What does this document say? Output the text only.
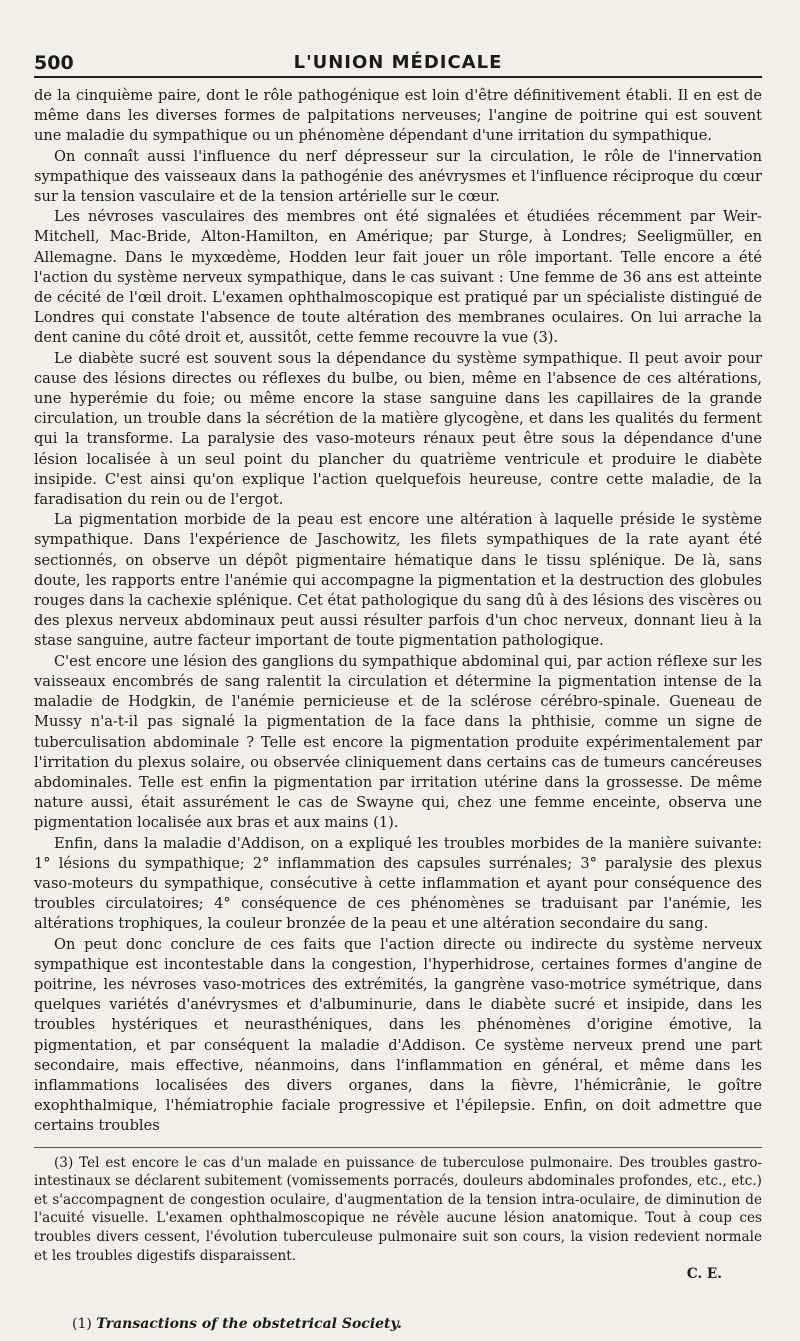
500	L'UNION MÉDICALE

de la cinquième paire, dont le rôle pathogénique est loin d'être définitivement établi. Il en est de même dans les diverses formes de palpitations nerveuses; l'angine de poitrine qui est souvent une maladie du sympathique ou un phénomène dépendant d'une irritation du sympathique.

On connaît aussi l'influence du nerf dépresseur sur la circulation, le rôle de l'innervation sympathique des vaisseaux dans la pathogénie des anévrysmes et l'influence réciproque du cœur sur la tension vasculaire et de la tension artérielle sur le cœur.

Les névroses vasculaires des membres ont été signalées et étudiées récemment par Weir-Mitchell, Mac-Bride, Alton-Hamilton, en Amérique; par Sturge, à Londres; Seeligmüller, en Allemagne. Dans le myxœdème, Hodden leur fait jouer un rôle important. Telle encore a été l'action du système nerveux sympathique, dans le cas suivant : Une femme de 36 ans est atteinte de cécité de l'œil droit. L'examen ophthalmoscopique est pratiqué par un spécialiste distingué de Londres qui constate l'absence de toute altération des membranes oculaires. On lui arrache la dent canine du côté droit et, aussitôt, cette femme recouvre la vue (3).

Le diabète sucré est souvent sous la dépendance du système sympathique. Il peut avoir pour cause des lésions directes ou réflexes du bulbe, ou bien, même en l'absence de ces altérations, une hyperémie du foie; ou même encore la stase sanguine dans les capillaires de la grande circulation, un trouble dans la sécrétion de la matière glycogène, et dans les qualités du ferment qui la transforme. La paralysie des vaso-moteurs rénaux peut être sous la dépendance d'une lésion localisée à un seul point du plancher du quatrième ventricule et produire le diabète insipide. C'est ainsi qu'on explique l'action quelquefois heureuse, contre cette maladie, de la faradisation du rein ou de l'ergot.

La pigmentation morbide de la peau est encore une altération à laquelle préside le système sympathique. Dans l'expérience de Jaschowitz, les filets sympathiques de la rate ayant été sectionnés, on observe un dépôt pigmentaire hématique dans le tissu splénique. De là, sans doute, les rapports entre l'anémie qui accompagne la pigmentation et la destruction des globules rouges dans la cachexie splénique. Cet état pathologique du sang dû à des lésions des viscères ou des plexus nerveux abdominaux peut aussi résulter parfois d'un choc nerveux, donnant lieu à la stase sanguine, autre facteur important de toute pigmentation pathologique.

C'est encore une lésion des ganglions du sympathique abdominal qui, par action réflexe sur les vaisseaux encombrés de sang ralentit la circulation et détermine la pigmentation intense de la maladie de Hodgkin, de l'anémie pernicieuse et de la sclérose cérébro-spinale. Gueneau de Mussy n'a-t-il pas signalé la pigmentation de la face dans la phthisie, comme un signe de tuberculisation abdominale ? Telle est encore la pigmentation produite expérimentalement par l'irritation du plexus solaire, ou observée cliniquement dans certains cas de tumeurs cancéreuses abdominales. Telle est enfin la pigmentation par irritation utérine dans la grossesse. De même nature aussi, était assurément le cas de Swayne qui, chez une femme enceinte, observa une pigmentation localisée aux bras et aux mains (1).

Enfin, dans la maladie d'Addison, on a expliqué les troubles morbides de la manière suivante: 1° lésions du sympathique; 2° inflammation des capsules surrénales; 3° paralysie des plexus vaso-moteurs du sympathique, consécutive à cette inflammation et ayant pour conséquence des troubles circulatoires; 4° conséquence de ces phénomènes se traduisant par l'anémie, les altérations trophiques, la couleur bronzée de la peau et une altération secondaire du sang.

On peut donc conclure de ces faits que l'action directe ou indirecte du système nerveux sympathique est incontestable dans la congestion, l'hyperhidrose, certaines formes d'angine de poitrine, les névroses vaso-motrices des extrémités, la gangrène vaso-motrice symétrique, dans quelques variétés d'anévrysmes et d'albuminurie, dans le diabète sucré et insipide, dans les troubles hystériques et neurasthéniques, dans les phénomènes d'origine émotive, la pigmentation, et par conséquent la maladie d'Addison. Ce système nerveux prend une part secondaire, mais effective, néanmoins, dans l'inflammation en général, et même dans les inflammations localisées des divers organes, dans la fièvre, l'hémicrânie, le goître exophthalmique, l'hémiatrophie faciale progressive et l'épilepsie. Enfin, on doit admettre que certains troubles

(3) Tel est encore le cas d'un malade en puissance de tuberculose pulmonaire. Des troubles gastro-intestinaux se déclarent subitement (vomissements porracés, douleurs abdominales profondes, etc., etc.) et s'accompagnent de congestion oculaire, d'augmentation de la tension intra-oculaire, de diminution de l'acuité visuelle. L'examen ophthalmoscopique ne révèle aucune lésion anatomique. Tout à coup ces troubles divers cessent, l'évolution tuberculeuse pulmonaire suit son cours, la vision redevient normale et les troubles digestifs disparaissent.

C. E.
(1) Transactions of the obstetrical Society.
